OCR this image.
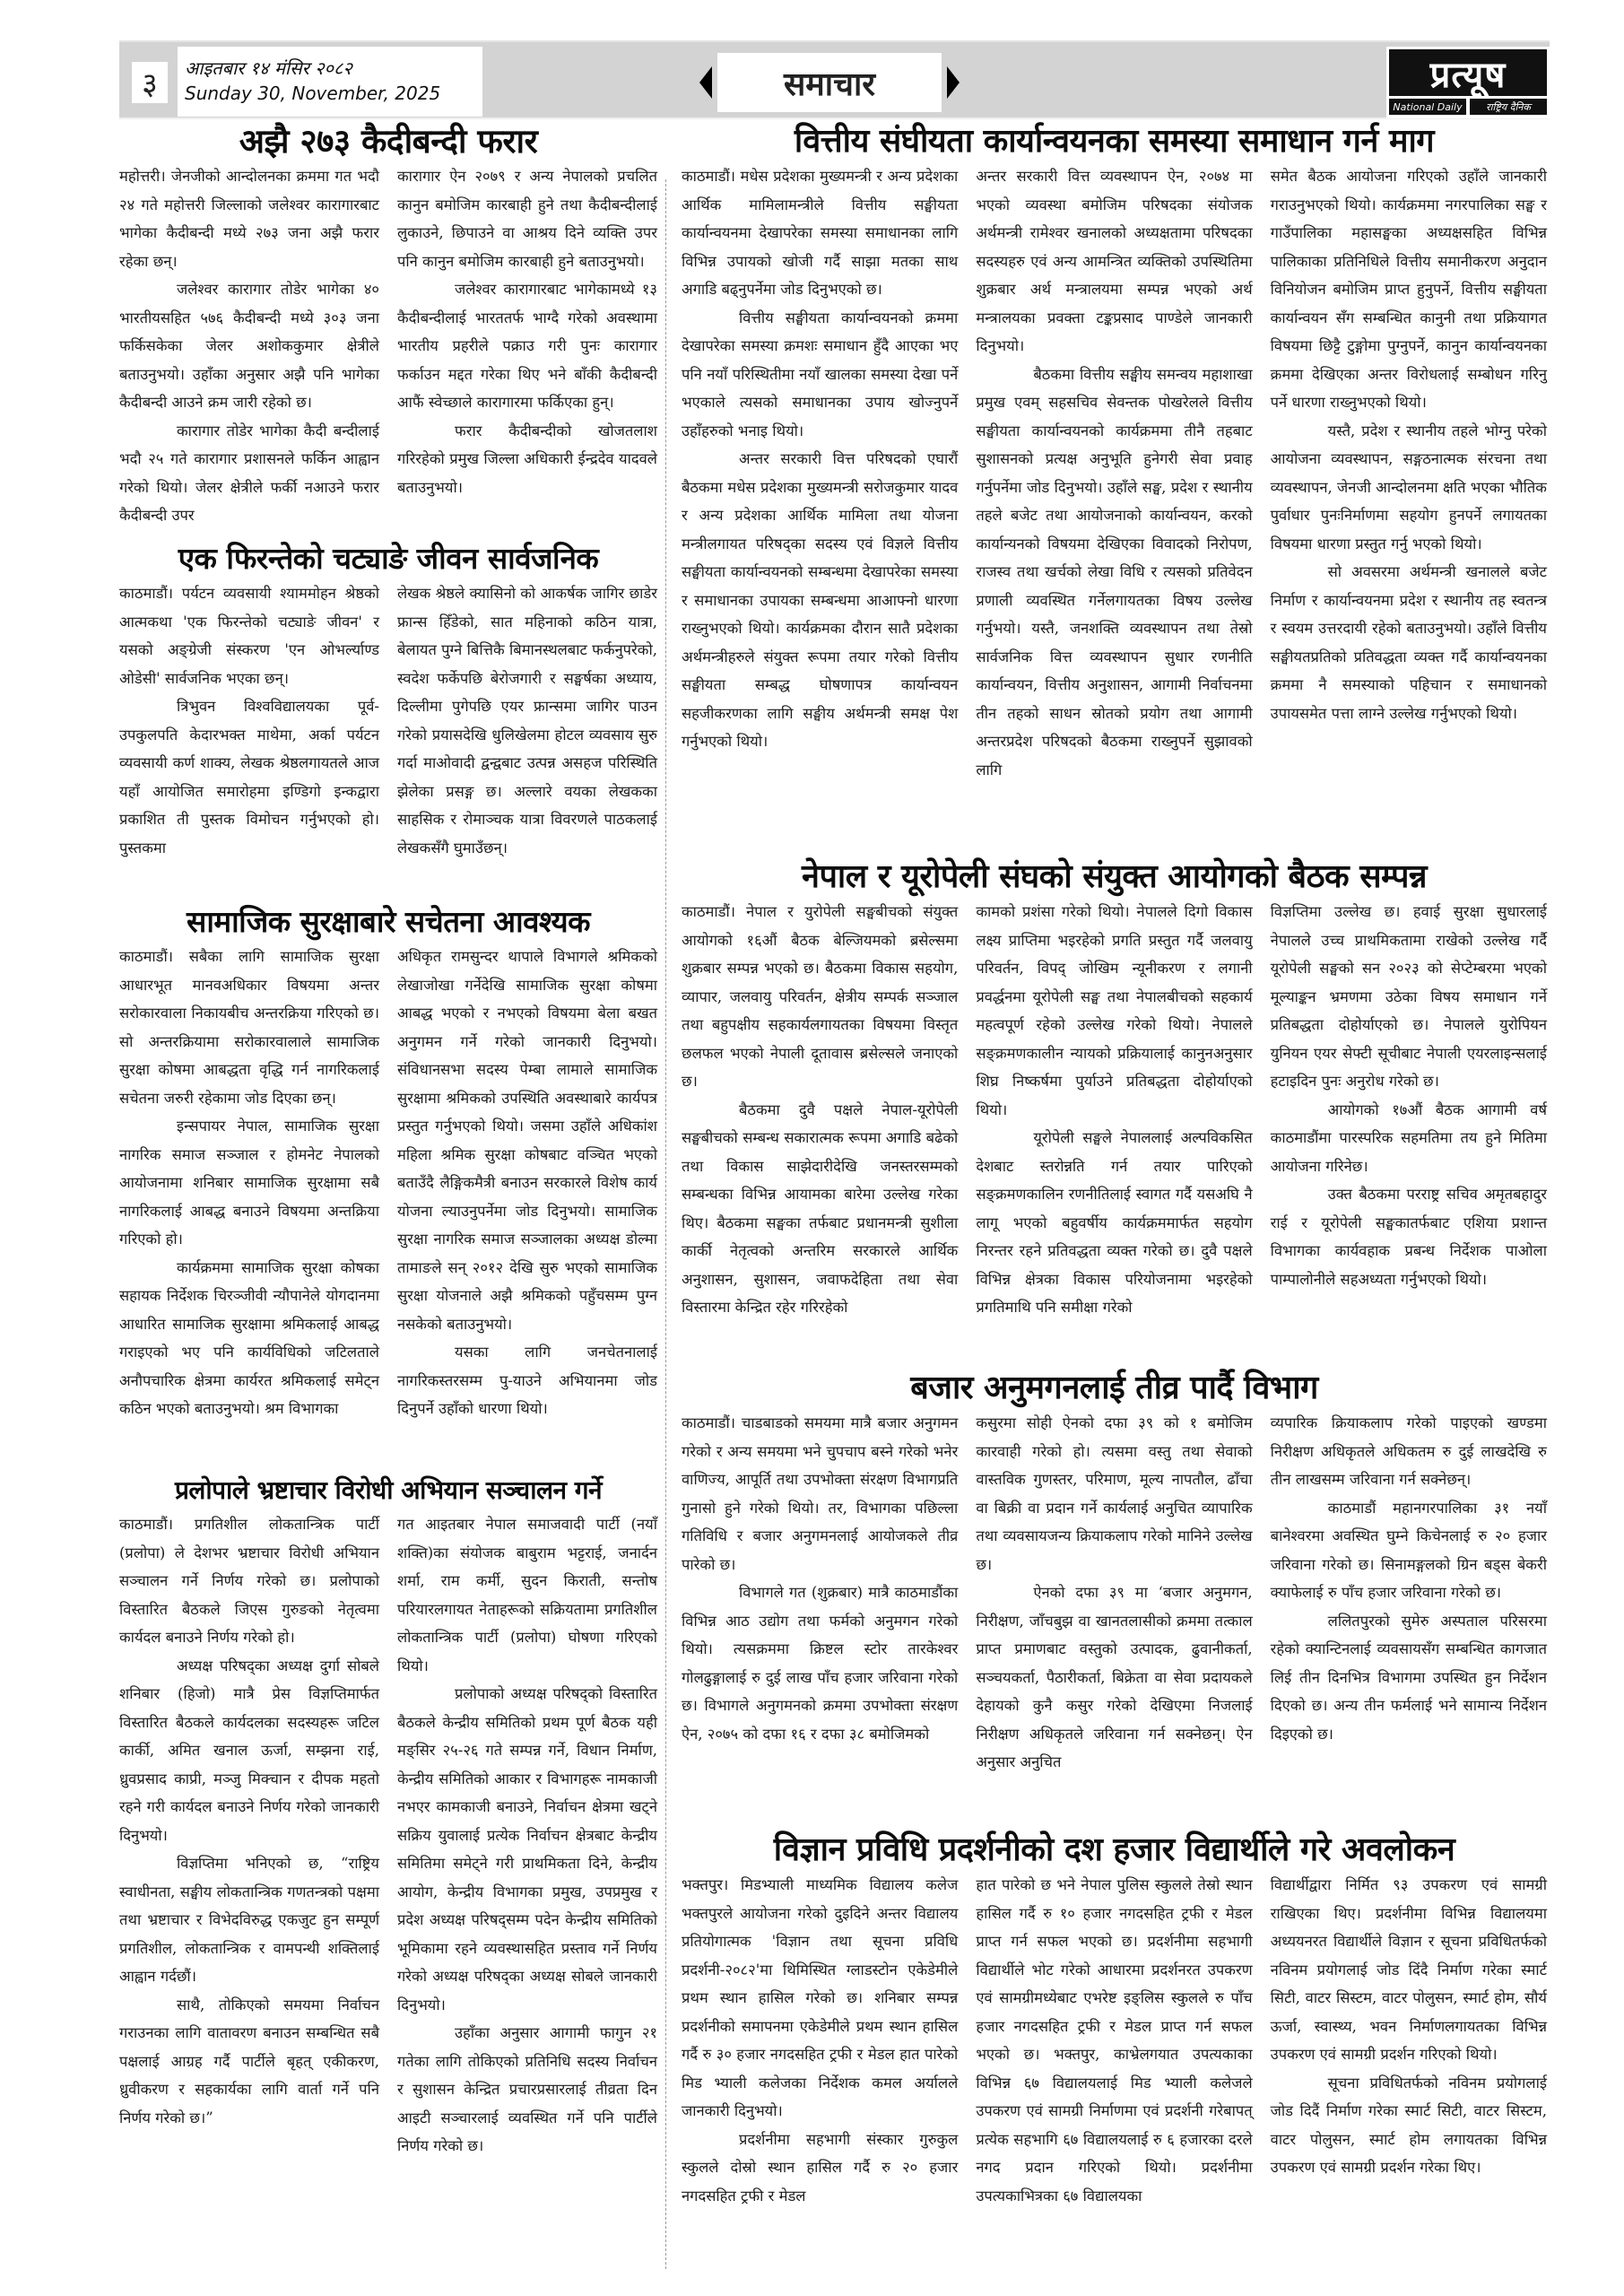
३	आइतबार १४ मंसिर २०८२
Sunday 30, November, 2025	समाचार	प्रत्यूष
National Daily	राष्ट्रिय दैनिक
अझै २७३ कैदीबन्दी फरार

महोत्तरी। जेनजीको आन्दोलनका क्रममा गत भदौ २४ गते महोत्तरी जिल्लाको जलेश्वर कारागारबाट भागेका कैदीबन्दी मध्ये २७३ जना अझै फरार रहेका छन्।

जलेश्वर कारागार तोडेर भागेका ४० भारतीयसहित ५७६ कैदीबन्दी मध्ये ३०३ जना फर्किसकेका जेलर अशोककुमार क्षेत्रीले बताउनुभयो। उहाँका अनुसार अझै पनि भागेका कैदीबन्दी आउने क्रम जारी रहेको छ।

कारागार तोडेर भागेका कैदी बन्दीलाई भदौ २५ गते कारागार प्रशासनले फर्किन आह्वान गरेको थियो। जेलर क्षेत्रीले फर्की नआउने फरार कैदीबन्दी उपर

कारागार ऐन २०७९ र अन्य नेपालको प्रचलित कानुन बमोजिम कारबाही हुने तथा कैदीबन्दीलाई लुकाउने, छिपाउने वा आश्रय दिने व्यक्ति उपर पनि कानुन बमोजिम कारबाही हुने बताउनुभयो।

जलेश्वर कारागारबाट भागेकामध्ये १३ कैदीबन्दीलाई भारततर्फ भाग्दै गरेको अवस्थामा भारतीय प्रहरीले पक्राउ गरी पुनः कारागार फर्काउन मद्दत गरेका थिए भने बाँकी कैदीबन्दी आफैं स्वेच्छाले कारागारमा फर्किएका हुन्।

फरार कैदीबन्दीको खोजतलाश गरिरहेको प्रमुख जिल्ला अधिकारी ईन्द्रदेव यादवले बताउनुभयो।

एक फिरन्तेको चट्याङे जीवन सार्वजनिक

काठमाडौं। पर्यटन व्यवसायी श्याममोहन श्रेष्ठको आत्मकथा 'एक फिरन्तेको चट्याङे जीवन' र यसको अङ्ग्रेजी संस्करण 'एन ओभर्ल्याण्ड ओडेसी' सार्वजनिक भएका छन्।

त्रिभुवन विश्वविद्यालयका पूर्व-उपकुलपति केदारभक्त माथेमा, अर्का पर्यटन व्यवसायी कर्ण शाक्य, लेखक श्रेष्ठलगायतले आज यहाँ आयोजित समारोहमा इण्डिगो इन्कद्वारा प्रकाशित ती पुस्तक विमोचन गर्नुभएको हो। पुस्तकमा

लेखक श्रेष्ठले क्यासिनो को आकर्षक जागिर छाडेर फ्रान्स हिँडेको, सात महिनाको कठिन यात्रा, बेलायत पुग्ने बित्तिकै बिमानस्थलबाट फर्कनुपरेको, स्वदेश फर्केपछि बेरोजगारी र सङ्घर्षका अध्याय, दिल्लीमा पुगेपछि एयर फ्रान्समा जागिर पाउन गरेको प्रयासदेखि धुलिखेलमा होटल व्यवसाय सुरु गर्दा माओवादी द्वन्द्वबाट उत्पन्न असहज परिस्थिति झेलेका प्रसङ्ग छ। अल्लारे वयका लेखकका साहसिक र रोमाञ्चक यात्रा विवरणले पाठकलाई लेखकसँगै घुमाउँछन्।

सामाजिक सुरक्षाबारे सचेतना आवश्यक

काठमाडौं। सबैका लागि सामाजिक सुरक्षा आधारभूत मानवअधिकार विषयमा अन्तर सरोकारवाला निकायबीच अन्तरक्रिया गरिएको छ। सो अन्तरक्रियामा सरोकारवालाले सामाजिक सुरक्षा कोषमा आबद्धता वृद्धि गर्न नागरिकलाई सचेतना जरुरी रहेकामा जोड दिएका छन्।

इन्सपायर नेपाल, सामाजिक सुरक्षा नागरिक समाज सञ्जाल र होमनेट नेपालको आयोजनामा शनिबार सामाजिक सुरक्षामा सबै नागरिकलाई आबद्ध बनाउने विषयमा अन्तक्रिया गरिएको हो।

कार्यक्रममा सामाजिक सुरक्षा कोषका सहायक निर्देशक चिरञ्जीवी न्यौपानेले योगदानमा आधारित सामाजिक सुरक्षामा श्रमिकलाई आबद्ध गराइएको भए पनि कार्यविधिको जटिलताले अनौपचारिक क्षेत्रमा कार्यरत श्रमिकलाई समेट्न कठिन भएको बताउनुभयो। श्रम विभागका

अधिकृत रामसुन्दर थापाले विभागले श्रमिकको लेखाजोखा गर्नेदेखि सामाजिक सुरक्षा कोषमा आबद्ध भएको र नभएको विषयमा बेला बखत अनुगमन गर्ने गरेको जानकारी दिनुभयो। संविधानसभा सदस्य पेम्बा लामाले सामाजिक सुरक्षामा श्रमिकको उपस्थिति अवस्थाबारे कार्यपत्र प्रस्तुत गर्नुभएको थियो। जसमा उहाँले अधिकांश महिला श्रमिक सुरक्षा कोषबाट वञ्चित भएको बताउँदै लैङ्गिकमैत्री बनाउन सरकारले विशेष कार्य योजना ल्याउनुपर्नेमा जोड दिनुभयो। सामाजिक सुरक्षा नागरिक समाज सञ्जालका अध्यक्ष डोल्मा तामाङले सन् २०१२ देखि सुरु भएको सामाजिक सुरक्षा योजनाले अझै श्रमिकको पहुँचसम्म पुग्न नसकेको बताउनुभयो।

यसका लागि जनचेतनालाई नागरिकस्तरसम्म पु-याउने अभियानमा जोड दिनुपर्ने उहाँको धारणा थियो।

प्रलोपाले भ्रष्टाचार विरोधी अभियान सञ्चालन गर्ने

काठमाडौं। प्रगतिशील लोकतान्त्रिक पार्टी (प्रलोपा) ले देशभर भ्रष्टाचार विरोधी अभियान सञ्चालन गर्ने निर्णय गरेको छ। प्रलोपाको विस्तारित बैठकले जिएस गुरुङको नेतृत्वमा कार्यदल बनाउने निर्णय गरेको हो।

अध्यक्ष परिषद्का अध्यक्ष दुर्गा सोबले शनिबार (हिजो) मात्रै प्रेस विज्ञप्तिमार्फत विस्तारित बैठकले कार्यदलका सदस्यहरू जटिल कार्की, अमित खनाल ऊर्जा, सम्झना राई, ध्रुवप्रसाद काप्री, मञ्जु मिक्चान र दीपक महतो रहने गरी कार्यदल बनाउने निर्णय गरेको जानकारी दिनुभयो।

विज्ञप्तिमा भनिएको छ, “राष्ट्रिय स्वाधीनता, सङ्घीय लोकतान्त्रिक गणतन्त्रको पक्षमा तथा भ्रष्टाचार र विभेदविरुद्ध एकजुट हुन सम्पूर्ण प्रगतिशील, लोकतान्त्रिक र वामपन्थी शक्तिलाई आह्वान गर्दछौं।

साथै, तोकिएको समयमा निर्वाचन गराउनका लागि वातावरण बनाउन सम्बन्धित सबै पक्षलाई आग्रह गर्दै पार्टीले बृहत् एकीकरण, ध्रुवीकरण र सहकार्यका लागि वार्ता गर्ने पनि निर्णय गरेको छ।”

गत आइतबार नेपाल समाजवादी पार्टी (नयाँ शक्ति)का संयोजक बाबुराम भट्टराई, जनार्दन शर्मा, राम कर्मी, सुदन किराती, सन्तोष परियारलगायत नेताहरूको सक्रियतामा प्रगतिशील लोकतान्त्रिक पार्टी (प्रलोपा) घोषणा गरिएको थियो।

प्रलोपाको अध्यक्ष परिषद्को विस्तारित बैठकले केन्द्रीय समितिको प्रथम पूर्ण बैठक यही मङ्सिर २५-२६ गते सम्पन्न गर्ने, विधान निर्माण, केन्द्रीय समितिको आकार र विभागहरू नामकाजी नभएर कामकाजी बनाउने, निर्वाचन क्षेत्रमा खट्ने सक्रिय युवालाई प्रत्येक निर्वाचन क्षेत्रबाट केन्द्रीय समितिमा समेट्ने गरी प्राथमिकता दिने, केन्द्रीय आयोग, केन्द्रीय विभागका प्रमुख, उपप्रमुख र प्रदेश अध्यक्ष परिषद्सम्म पदेन केन्द्रीय समितिको भूमिकामा रहने व्यवस्थासहित प्रस्ताव गर्ने निर्णय गरेको अध्यक्ष परिषद्का अध्यक्ष सोबले जानकारी दिनुभयो।

उहाँका अनुसार आगामी फागुन २१ गतेका लागि तोकिएको प्रतिनिधि सदस्य निर्वाचन र सुशासन केन्द्रित प्रचारप्रसारलाई तीव्रता दिन आइटी सञ्चारलाई व्यवस्थित गर्ने पनि पार्टीले निर्णय गरेको छ।

वित्तीय संघीयता कार्यान्वयनका समस्या समाधान गर्न माग

काठमाडौं। मधेस प्रदेशका मुख्यमन्त्री र अन्य प्रदेशका आर्थिक मामिलामन्त्रीले वित्तीय सङ्घीयता कार्यान्वयनमा देखापरेका समस्या समाधानका लागि विभिन्न उपायको खोजी गर्दै साझा मतका साथ अगाडि बढ्नुपर्नेमा जोड दिनुभएको छ।

वित्तीय सङ्घीयता कार्यान्वयनको क्रममा देखापरेका समस्या क्रमशः समाधान हुँदै आएका भए पनि नयाँ परिस्थितीमा नयाँ खालका समस्या देखा पर्ने भएकाले त्यसको समाधानका उपाय खोज्नुपर्ने उहाँहरुको भनाइ थियो।

अन्तर सरकारी वित्त परिषदको एघारौं बैठकमा मधेस प्रदेशका मुख्यमन्त्री सरोजकुमार यादव र अन्य प्रदेशका आर्थिक मामिला तथा योजना मन्त्रीलगायत परिषद्का सदस्य एवं विज्ञले वित्तीय सङ्घीयता कार्यान्वयनको सम्बन्धमा देखापरेका समस्या र समाधानका उपायका सम्बन्धमा आआफ्नो धारणा राख्नुभएको थियो। कार्यक्रमका दौरान सातै प्रदेशका अर्थमन्त्रीहरुले संयुक्त रूपमा तयार गरेको वित्तीय सङ्घीयता सम्बद्ध घोषणापत्र कार्यान्वयन सहजीकरणका लागि सङ्घीय अर्थमन्त्री समक्ष पेश गर्नुभएको थियो।

अन्तर सरकारी वित्त व्यवस्थापन ऐन, २०७४ मा भएको व्यवस्था बमोजिम परिषदका संयोजक अर्थमन्त्री रामेश्वर खनालको अध्यक्षतामा परिषदका सदस्यहरु एवं अन्य आमन्त्रित व्यक्तिको उपस्थितिमा शुक्रबार अर्थ मन्त्रालयमा सम्पन्न भएको अर्थ मन्त्रालयका प्रवक्ता टङ्कप्रसाद पाण्डेले जानकारी दिनुभयो।

बैठकमा वित्तीय सङ्घीय समन्वय महाशाखा प्रमुख एवम् सहसचिव सेवन्तक पोखरेलले वित्तीय सङ्घीयता कार्यान्वयनको कार्यक्रममा तीनै तहबाट सुशासनको प्रत्यक्ष अनुभूति हुनेगरी सेवा प्रवाह गर्नुपर्नेमा जोड दिनुभयो। उहाँले सङ्घ, प्रदेश र स्थानीय तहले बजेट तथा आयोजनाको कार्यान्वयन, करको कार्यान्यनको विषयमा देखिएका विवादको निरोपण, राजस्व तथा खर्चको लेखा विधि र त्यसको प्रतिवेदन प्रणाली व्यवस्थित गर्नेलगायतका विषय उल्लेख गर्नुभयो। यस्तै, जनशक्ति व्यवस्थापन तथा तेस्रो सार्वजनिक वित्त व्यवस्थापन सुधार रणनीति कार्यान्वयन, वित्तीय अनुशासन, आगामी निर्वाचनमा तीन तहको साधन स्रोतको प्रयोग तथा आगामी अन्तरप्रदेश परिषदको बैठकमा राख्नुपर्ने सुझावको लागि

समेत बैठक आयोजना गरिएको उहाँले जानकारी गराउनुभएको थियो। कार्यक्रममा नगरपालिका सङ्घ र गाउँपालिका महासङ्घका अध्यक्षसहित विभिन्न पालिकाका प्रतिनिधिले वित्तीय समानीकरण अनुदान विनियोजन बमोजिम प्राप्त हुनुपर्ने, वित्तीय सङ्घीयता कार्यान्वयन सँग सम्बन्धित कानुनी तथा प्रक्रियागत विषयमा छिट्टै टुङ्गोमा पुग्नुपर्ने, कानुन कार्यान्वयनका क्रममा देखिएका अन्तर विरोधलाई सम्बोधन गरिनु पर्ने धारणा राख्नुभएको थियो।

यस्तै, प्रदेश र स्थानीय तहले भोग्नु परेको आयोजना व्यवस्थापन, सङ्गठनात्मक संरचना तथा व्यवस्थापन, जेनजी आन्दोलनमा क्षति भएका भौतिक पुर्वाधार पुनःनिर्माणमा सहयोग हुनपर्ने लगायतका विषयमा धारणा प्रस्तुत गर्नु भएको थियो।

सो अवसरमा अर्थमन्त्री खनालले बजेट निर्माण र कार्यान्वयनमा प्रदेश र स्थानीय तह स्वतन्त्र र स्वयम उत्तरदायी रहेको बताउनुभयो। उहाँले वित्तीय सङ्घीयतप्रतिको प्रतिवद्धता व्यक्त गर्दै कार्यान्वयनका क्रममा नै समस्याको पहिचान र समाधानको उपायसमेत पत्ता लाग्ने उल्लेख गर्नुभएको थियो।

नेपाल र यूरोपेली संघको संयुक्त आयोगको बैठक सम्पन्न

काठमाडौं। नेपाल र युरोपेली सङ्घबीचको संयुक्त आयोगको १६औं बैठक बेल्जियमको ब्रसेल्समा शुक्रबार सम्पन्न भएको छ। बैठकमा विकास सहयोग, व्यापार, जलवायु परिवर्तन, क्षेत्रीय सम्पर्क सञ्जाल तथा बहुपक्षीय सहकार्यलगायतका विषयमा विस्तृत छलफल भएको नेपाली दूतावास ब्रसेल्सले जनाएको छ।

बैठकमा दुवै पक्षले नेपाल-यूरोपेली सङ्घबीचको सम्बन्ध सकारात्मक रूपमा अगाडि बढेको तथा विकास साझेदारीदेखि जनस्तरसम्मको सम्बन्धका विभिन्न आयामका बारेमा उल्लेख गरेका थिए। बैठकमा सङ्घका तर्फबाट प्रधानमन्त्री सुशीला कार्की नेतृत्वको अन्तरिम सरकारले आर्थिक अनुशासन, सुशासन, जवाफदेहिता तथा सेवा विस्तारमा केन्द्रित रहेर गरिरहेको

कामको प्रशंसा गरेको थियो। नेपालले दिगो विकास लक्ष्य प्राप्तिमा भइरहेको प्रगति प्रस्तुत गर्दै जलवायु परिवर्तन, विपद् जोखिम न्यूनीकरण र लगानी प्रवर्द्धनमा यूरोपेली सङ्घ तथा नेपालबीचको सहकार्य महत्वपूर्ण रहेको उल्लेख गरेको थियो। नेपालले सङ्क्रमणकालीन न्यायको प्रक्रियालाई कानुनअनुसार शिघ्र निष्कर्षमा पुर्याउने प्रतिबद्धता दोहोर्याएको थियो।

यूरोपेली सङ्घले नेपाललाई अल्पविकसित देशबाट स्तरोन्नति गर्न तयार पारिएको सङ्क्रमणकालिन रणनीतिलाई स्वागत गर्दै यसअघि नै लागू भएको बहुवर्षीय कार्यक्रममार्फत सहयोग निरन्तर रहने प्रतिवद्धता व्यक्त गरेको छ। दुवै पक्षले विभिन्न क्षेत्रका विकास परियोजनामा भइरहेको प्रगतिमाथि पनि समीक्षा गरेको

विज्ञप्तिमा उल्लेख छ। हवाई सुरक्षा सुधारलाई नेपालले उच्च प्राथमिकतामा राखेको उल्लेख गर्दै यूरोपेली सङ्घको सन २०२३ को सेप्टेम्बरमा भएको मूल्याङ्कन भ्रमणमा उठेका विषय समाधान गर्ने प्रतिबद्धता दोहोर्याएको छ। नेपालले युरोपियन युनियन एयर सेफ्टी सूचीबाट नेपाली एयरलाइन्सलाई हटाइदिन पुनः अनुरोध गरेको छ।

आयोगको १७औं बैठक आगामी वर्ष काठमाडौंमा पारस्परिक सहमतिमा तय हुने मितिमा आयोजना गरिनेछ।

उक्त बैठकमा परराष्ट्र सचिव अमृतबहादुर राई र यूरोपेली सङ्घकातर्फबाट एशिया प्रशान्त विभागका कार्यवहाक प्रबन्ध निर्देशक पाओला पाम्पालोनीले सहअध्यता गर्नुभएको थियो।

बजार अनुमगनलाई तीव्र पार्दै विभाग

काठमाडौं। चाडबाडको समयमा मात्रै बजार अनुगमन गरेको र अन्य समयमा भने चुपचाप बस्ने गरेको भनेर वाणिज्य, आपूर्ति तथा उपभोक्ता संरक्षण विभागप्रति गुनासो हुने गरेको थियो। तर, विभागका पछिल्ला गतिविधि र बजार अनुगमनलाई आयोजकले तीव्र पारेको छ।

विभागले गत (शुक्रबार) मात्रै काठमाडौंका विभिन्न आठ उद्योग तथा फर्मको अनुमगन गरेको थियो। त्यसक्रममा क्रिष्टल स्टोर तारकेश्वर गोलढुङ्गालाई रु दुई लाख पाँच हजार जरिवाना गरेको छ। विभागले अनुगमनको क्रममा उपभोक्ता संरक्षण ऐन, २०७५ को दफा १६ र दफा ३८ बमोजिमको

कसुरमा सोही ऐनको दफा ३९ को १ बमोजिम कारवाही गरेको हो। त्यसमा वस्तु तथा सेवाको वास्तविक गुणस्तर, परिमाण, मूल्य नापतौल, ढाँचा वा बिक्री वा प्रदान गर्ने कार्यलाई अनुचित व्यापारिक तथा व्यवसायजन्य क्रियाकलाप गरेको मानिने उल्लेख छ।

ऐनको दफा ३९ मा ‘बजार अनुमगन, निरीक्षण, जाँचबुझ वा खानतलासीको क्रममा तत्काल प्राप्त प्रमाणबाट वस्तुको उत्पादक, ढुवानीकर्ता, सञ्चयकर्ता, पैठारीकर्ता, बिक्रेता वा सेवा प्रदायकले देहायको कुनै कसुर गरेको देखिएमा निजलाई निरीक्षण अधिकृतले जरिवाना गर्न सक्नेछन्। ऐन अनुसार अनुचित

व्यपारिक क्रियाकलाप गरेको पाइएको खण्डमा निरीक्षण अधिकृतले अधिकतम रु दुई लाखदेखि रु तीन लाखसम्म जरिवाना गर्न सक्नेछन्।

काठमाडौं महानगरपालिका ३१ नयाँ बानेश्वरमा अवस्थित घुम्ने किचेनलाई रु २० हजार जरिवाना गरेको छ। सिनामङ्गलको ग्रिन बड्स बेकरी क्याफेलाई रु पाँच हजार जरिवाना गरेको छ।

ललितपुरको सुमेरु अस्पताल परिसरमा रहेको क्यान्टिनलाई व्यवसायसँग सम्बन्धित कागजात लिई तीन दिनभित्र विभागमा उपस्थित हुन निर्देशन दिएको छ। अन्य तीन फर्मलाई भने सामान्य निर्देशन दिइएको छ।

विज्ञान प्रविधि प्रदर्शनीको दश हजार विद्यार्थीले गरे अवलोकन

भक्तपुर। मिडभ्याली माध्यमिक विद्यालय कलेज भक्तपुरले आयोजना गरेको दुइदिने अन्तर विद्यालय प्रतियोगात्मक 'विज्ञान तथा सूचना प्रविधि प्रदर्शनी-२०८२'मा थिमिस्थित ग्लाडस्टोन एकेडेमीले प्रथम स्थान हासिल गरेको छ। शनिबार सम्पन्न प्रदर्शनीको समापनमा एकेडेमीले प्रथम स्थान हासिल गर्दै रु ३० हजार नगदसहित ट्रफी र मेडल हात पारेको मिड भ्याली कलेजका निर्देशक कमल अर्यालले जानकारी दिनुभयो।

प्रदर्शनीमा सहभागी संस्कार गुरुकुल स्कुलले दोस्रो स्थान हासिल गर्दै रु २० हजार नगदसहित ट्रफी र मेडल

हात पारेको छ भने नेपाल पुलिस स्कुलले तेस्रो स्थान हासिल गर्दै रु १० हजार नगदसहित ट्रफी र मेडल प्राप्त गर्न सफल भएको छ। प्रदर्शनीमा सहभागी विद्यार्थीले भोट गरेको आधारमा प्रदर्शनरत उपकरण एवं सामग्रीमध्येबाट एभरेष्ट इङ्लिस स्कुलले रु पाँच हजार नगदसहित ट्रफी र मेडल प्राप्त गर्न सफल भएको छ। भक्तपुर, काभ्रेलगयात उपत्यकाका विभिन्न ६७ विद्यालयलाई मिड भ्याली कलेजले उपकरण एवं सामग्री निर्माणमा एवं प्रदर्शनी गरेबापत् प्रत्येक सहभागि ६७ विद्यालयलाई रु ६ हजारका दरले नगद प्रदान गरिएको थियो। प्रदर्शनीमा उपत्यकाभित्रका ६७ विद्यालयका

विद्यार्थीद्वारा निर्मित ९३ उपकरण एवं सामग्री राखिएका थिए। प्रदर्शनीमा विभिन्न विद्यालयमा अध्ययनरत विद्यार्थीले विज्ञान र सूचना प्रविधितर्फको नविनम प्रयोगलाई जोड दिंदै निर्माण गरेका स्मार्ट सिटी, वाटर सिस्टम, वाटर पोलुसन, स्मार्ट होम, सौर्य ऊर्जा, स्वास्थ्य, भवन निर्माणलगायतका विभिन्न उपकरण एवं सामग्री प्रदर्शन गरिएको थियो।

सूचना प्रविधितर्फको नविनम प्रयोगलाई जोड दिदैं निर्माण गरेका स्मार्ट सिटी, वाटर सिस्टम, वाटर पोलुसन, स्मार्ट होम लगायतका विभिन्न उपकरण एवं सामग्री प्रदर्शन गरेका थिए।
